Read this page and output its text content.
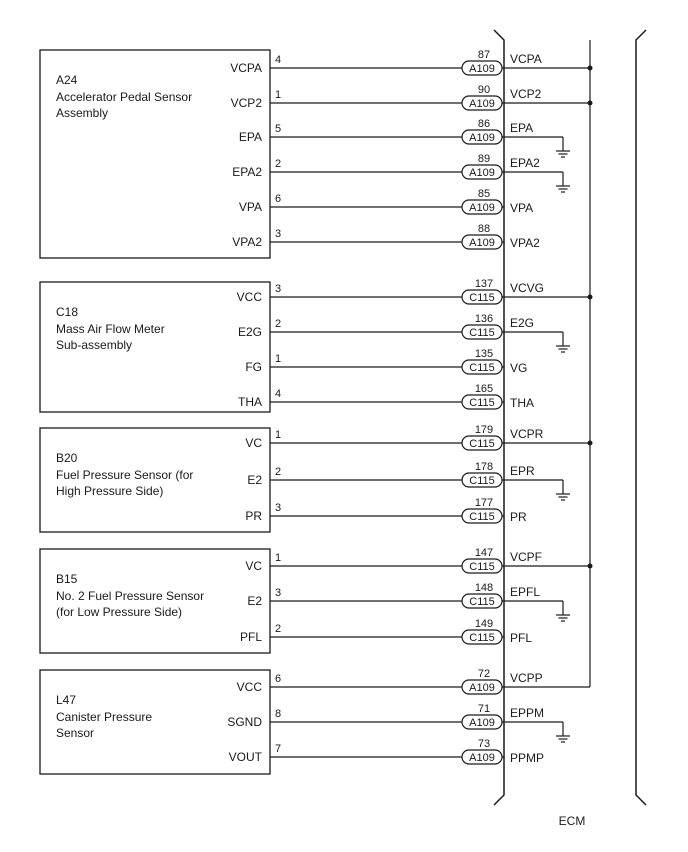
A24
Accelerator Pedal Sensor
Assembly
VCPA
4	87
A109
VCPA
VCP2
1	90
A109
VCP2
EPA
5	86
A109
EPA
EPA2
2	89
A109
EPA2
VPA
6	85
A109 VPA
VPA2
3	88
A109 VPA2
C18
Mass Air Flow Meter
Sub-assembly
VCC
3	137
C115
VCVG
E2G
2	136
C115
E2G
FG
1	135
C115 VG
THA
4	165
C115 THA
B20
Fuel Pressure Sensor (for
High Pressure Side)
VC
1	179
C115
VCPR
E2
2	178
C115
EPR
PR
3	177
C115 PR
B15
No. 2 Fuel Pressure Sensor
(for Low Pressure Side)
VC
1	147
C115
VCPF
E2
3	148
C115
EPFL
PFL
2	149
C115 PFL
L47
Canister Pressure
Sensor
VCC
6	72
A109
VCPP
SGND
8	71
A109
EPPM
VOUT
7	73
A109 PPMP
ECM
